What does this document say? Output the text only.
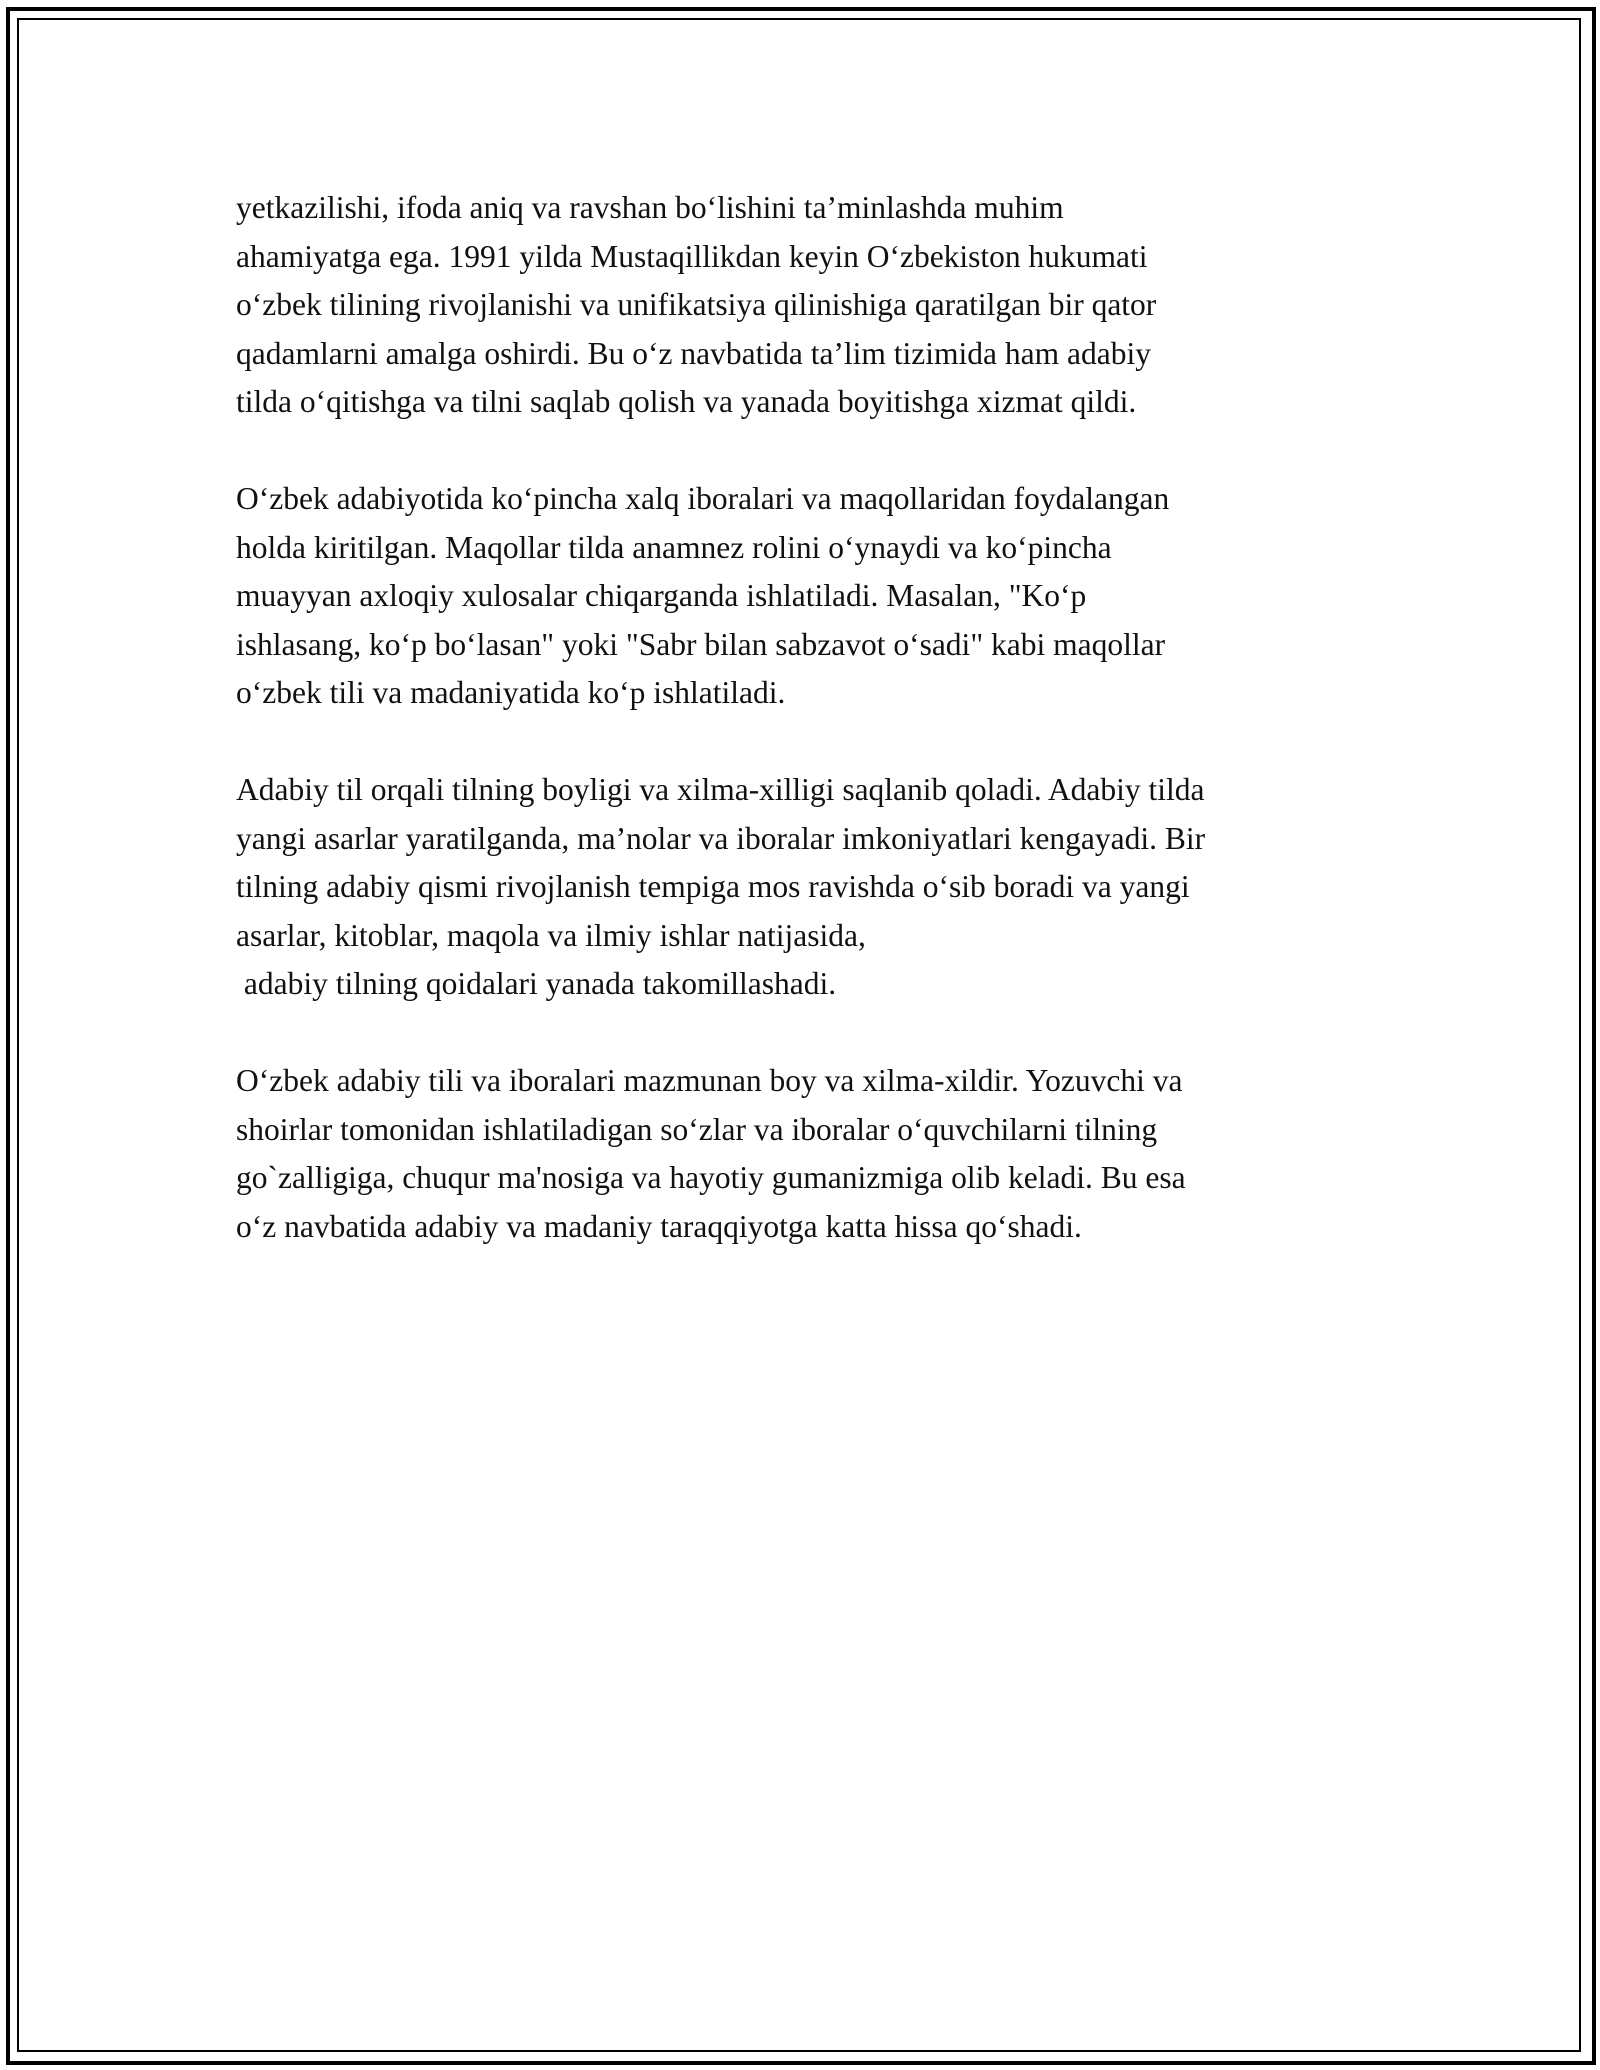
yetkazilishi, ifoda aniq va ravshan bo‘lishini ta’minlashda muhim
ahamiyatga ega. 1991 yilda Mustaqillikdan keyin O‘zbekiston hukumati
o‘zbek tilining rivojlanishi va unifikatsiya qilinishiga qaratilgan bir qator
qadamlarni amalga oshirdi. Bu o‘z navbatida ta’lim tizimida ham adabiy
tilda o‘qitishga va tilni saqlab qolish va yanada boyitishga xizmat qildi.

O‘zbek adabiyotida ko‘pincha xalq iboralari va maqollaridan foydalangan
holda kiritilgan. Maqollar tilda anamnez rolini o‘ynaydi va ko‘pincha
muayyan axloqiy xulosalar chiqarganda ishlatiladi. Masalan, "Ko‘p
ishlasang, ko‘p bo‘lasan" yoki "Sabr bilan sabzavot o‘sadi" kabi maqollar
o‘zbek tili va madaniyatida ko‘p ishlatiladi.

Adabiy til orqali tilning boyligi va xilma-xilligi saqlanib qoladi. Adabiy tilda
yangi asarlar yaratilganda, ma’nolar va iboralar imkoniyatlari kengayadi. Bir
tilning adabiy qismi rivojlanish tempiga mos ravishda o‘sib boradi va yangi
asarlar, kitoblar, maqola va ilmiy ishlar natijasida,
adabiy tilning qoidalari yanada takomillashadi.

O‘zbek adabiy tili va iboralari mazmunan boy va xilma-xildir. Yozuvchi va
shoirlar tomonidan ishlatiladigan so‘zlar va iboralar o‘quvchilarni tilning
go`zalligiga, chuqur ma'nosiga va hayotiy gumanizmiga olib keladi. Bu esa
o‘z navbatida adabiy va madaniy taraqqiyotga katta hissa qo‘shadi.
